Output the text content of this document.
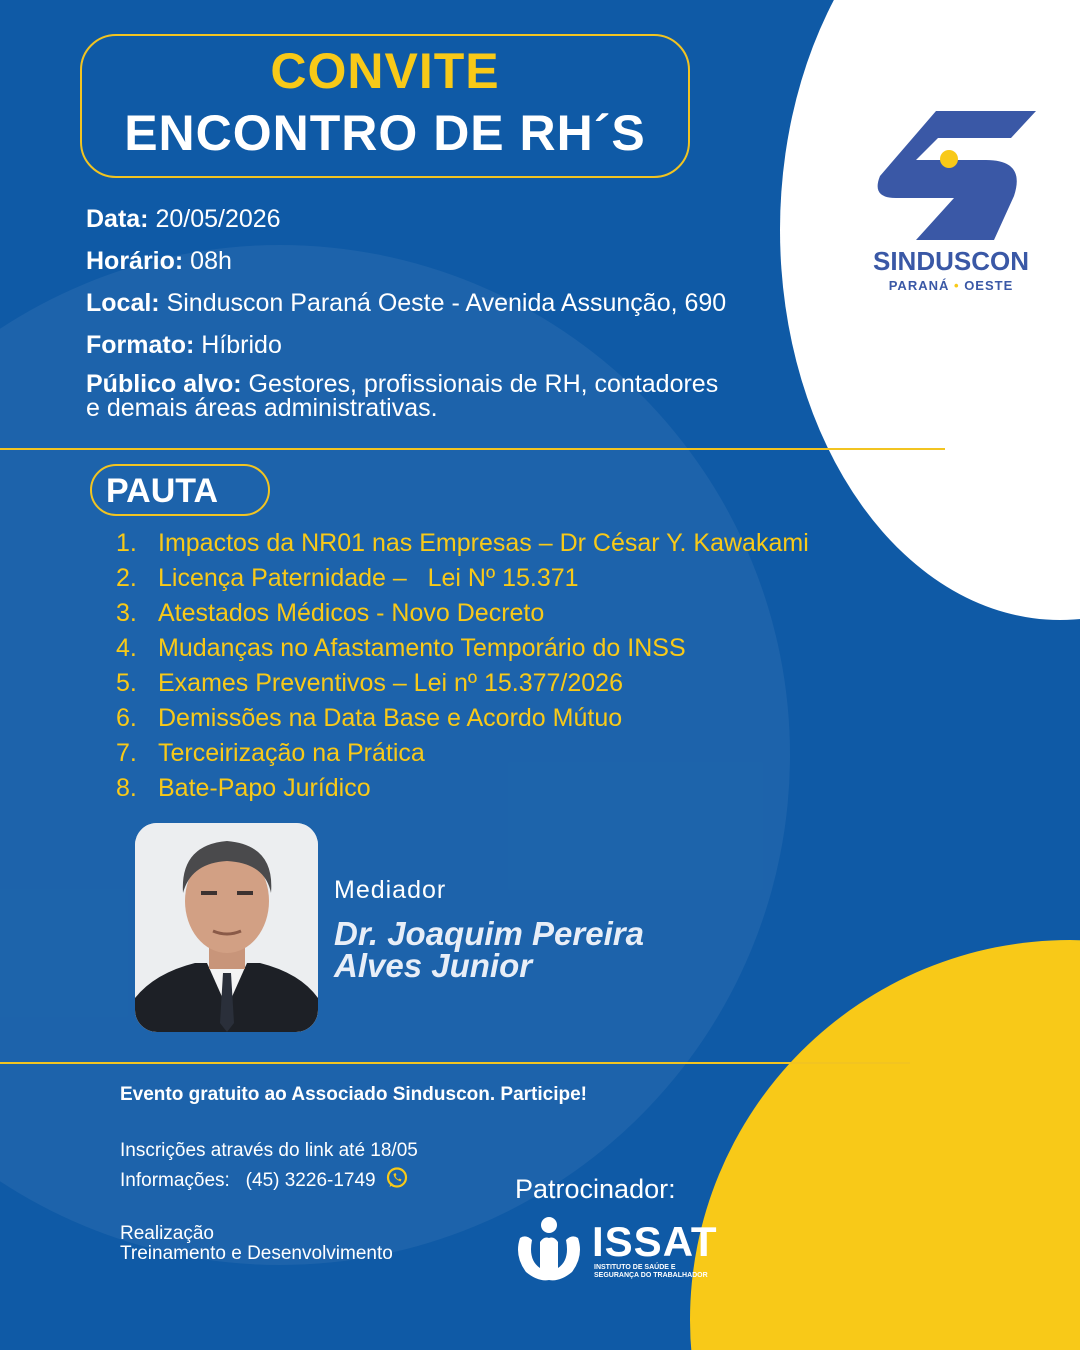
CONVITE
ENCONTRO DE RH´S
SINDUSCON
PARANÁ • OESTE
Data: 20/05/2026
Horário: 08h
Local: Sinduscon Paraná Oeste - Avenida Assunção, 690
Formato: Híbrido
Público alvo: Gestores, profissionais de RH, contadores
e demais áreas administrativas.
PAUTA
1. Impactos da NR01 nas Empresas – Dr César Y. Kawakami
2. Licença Paternidade –   Lei Nº 15.371
3. Atestados Médicos - Novo Decreto
4. Mudanças no Afastamento Temporário do INSS
5. Exames Preventivos – Lei nº 15.377/2026
6. Demissões na Data Base e Acordo Mútuo
7. Terceirização na Prática
8. Bate-Papo Jurídico
Mediador
Dr. Joaquim Pereira
Alves Junior
Evento gratuito ao Associado Sinduscon. Participe!
Inscrições através do link até 18/05
Informações: (45) 3226-1749
Realização
Treinamento e Desenvolvimento
Patrocinador:
ISSAT
INSTITUTO DE SAÚDE E
SEGURANÇA DO TRABALHADOR
